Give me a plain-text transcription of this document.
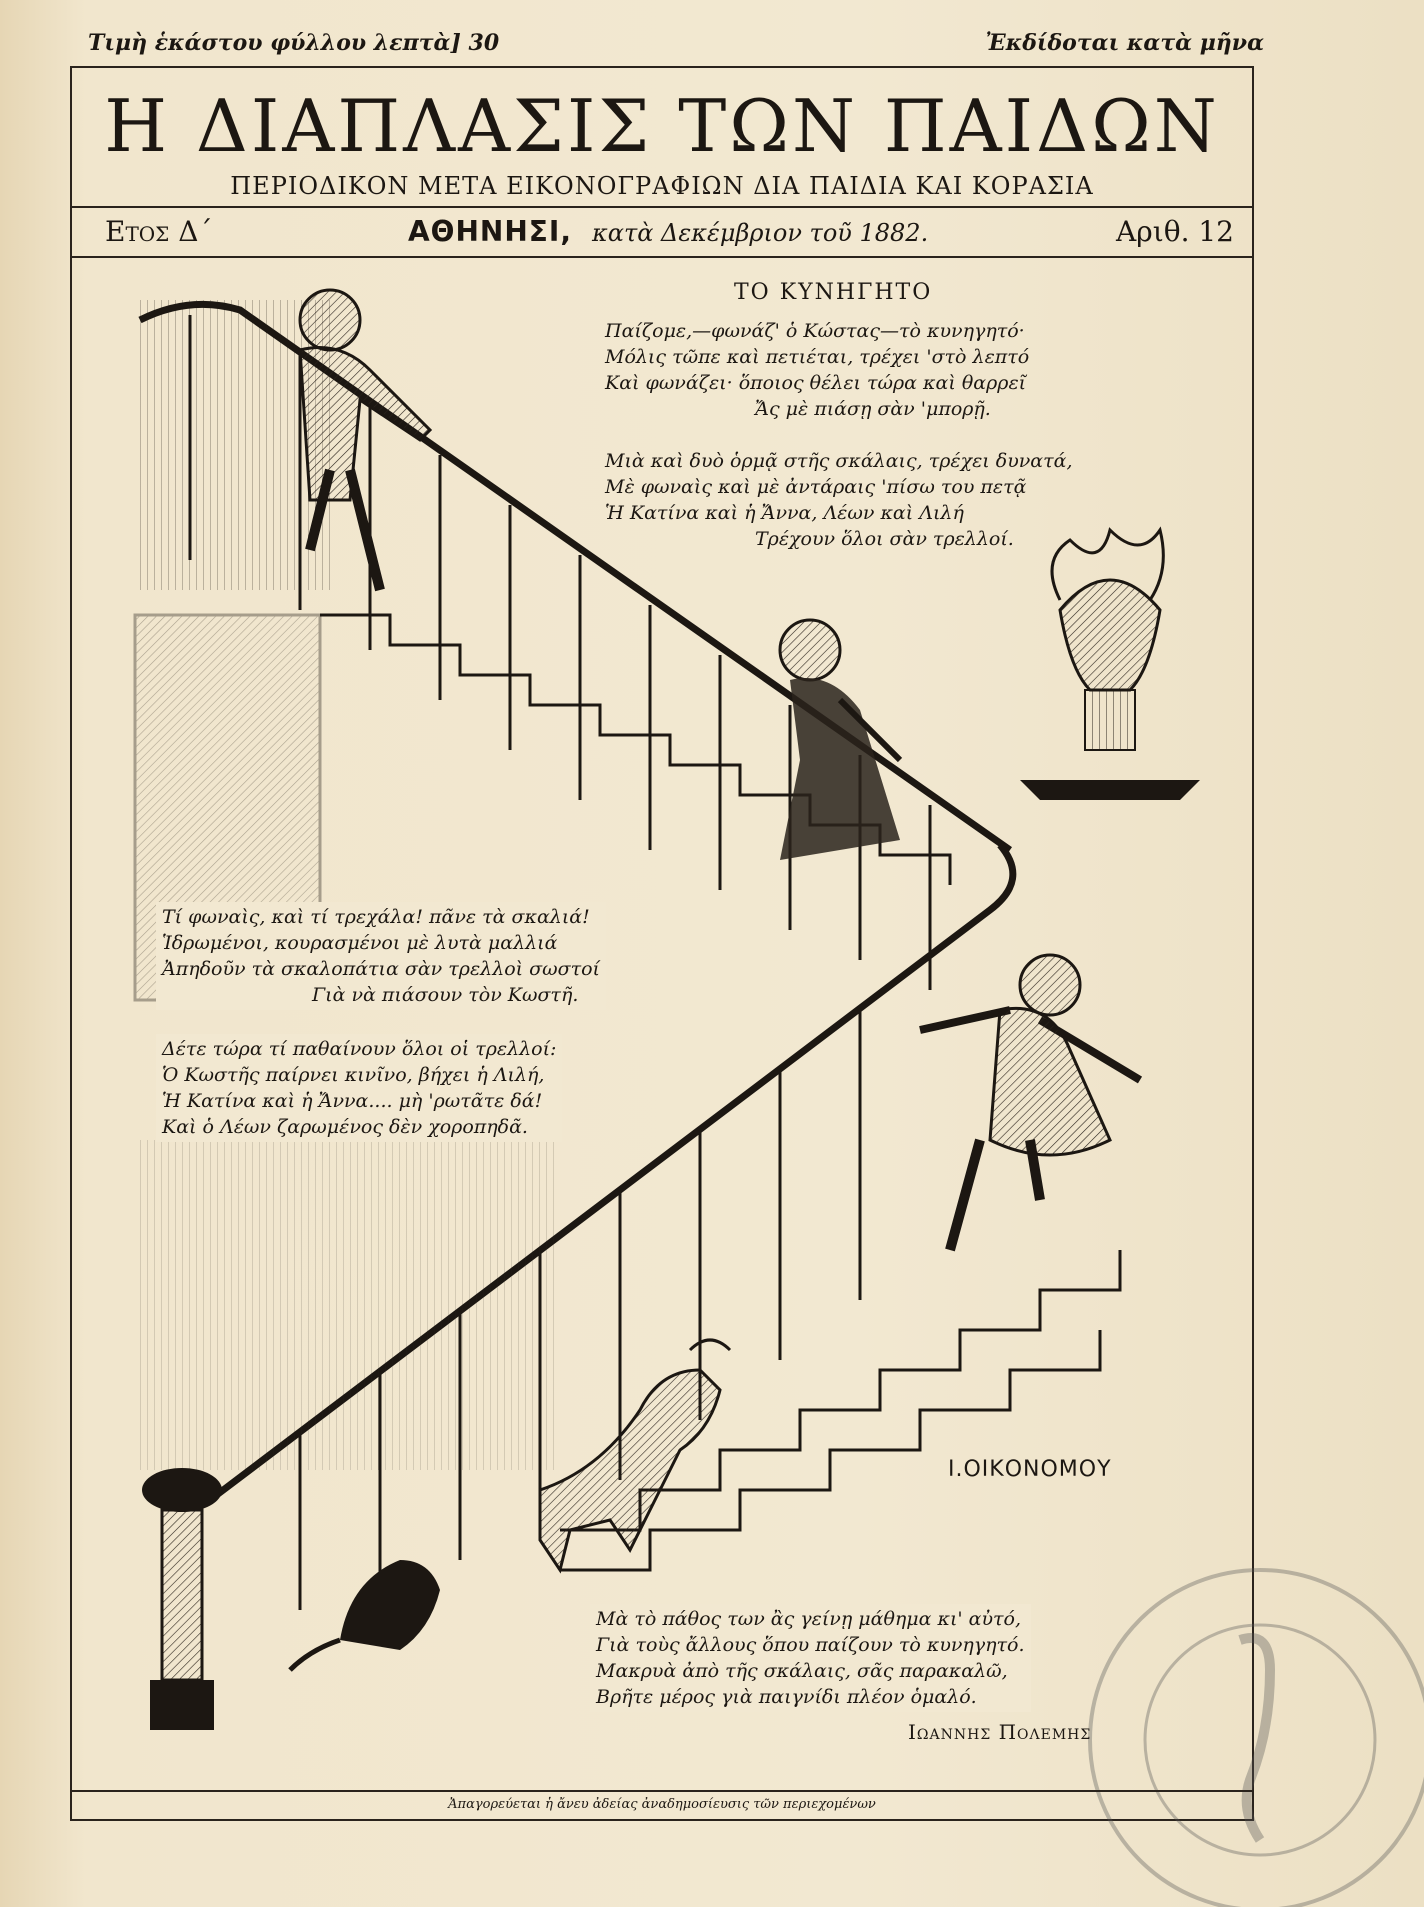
Τιμὴ ἑκάστου φύλλου λεπτὰ] 30	Ἐκδίδοται κατὰ μῆνα
Η ΔΙΑΠΛΑΣΙΣ ΤΩΝ ΠΑΙΔΩΝ
ΠΕΡΙΟΔΙΚΟΝ ΜΕΤΑ ΕΙΚΟΝΟΓΡΑΦΙΩΝ ΔΙΑ ΠΑΙΔΙΑ ΚΑΙ ΚΟΡΑΣΙΑ
Ετος Δ΄	ΑΘΗΝΗΣΙ, κατὰ Δεκέμβριον τοῦ 1882.	Αριθ. 12
ΤΟ ΚΥΝΗΓΗΤΟ
Παίζομε,—φωνάζ' ὁ Κώστας—τὸ κυνηγητό·
Μόλις τῶπε καὶ πετιέται, τρέχει 'στὸ λεπτό
Καὶ φωνάζει· ὅποιος θέλει τώρα καὶ θαρρεῖ
Ἄς μὲ πιάσῃ σὰν 'μπορῇ.
Μιὰ καὶ δυὸ ὁρμᾷ στῆς σκάλαις, τρέχει δυνατά,
Μὲ φωναὶς καὶ μὲ ἀντάραις 'πίσω του πετᾷ
Ἡ Κατίνα καὶ ἡ Ἄννα, Λέων καὶ Λιλή
Τρέχουν ὅλοι σὰν τρελλοί.
Τί φωναὶς, καὶ τί τρεχάλα! πᾶνε τὰ σκαλιά!
Ἱδρωμένοι, κουρασμένοι μὲ λυτὰ μαλλιά
Ἀπηδοῦν τὰ σκαλοπάτια σὰν τρελλοὶ σωστοί
Γιὰ νὰ πιάσουν τὸν Κωστῆ.
Δέτε τώρα τί παθαίνουν ὅλοι οἱ τρελλοί:
Ὁ Κωστῆς παίρνει κινῖνο, βήχει ἡ Λιλή,
Ἡ Κατίνα καὶ ἡ Ἄννα.... μὴ 'ρωτᾶτε δά!
Καὶ ὁ Λέων ζαρωμένος δὲν χοροπηδᾶ.
Μὰ τὸ πάθος των ἂς γείνῃ μάθημα κι' αὐτό,
Γιὰ τοὺς ἄλλους ὅπου παίζουν τὸ κυνηγητό.
Μακρυὰ ἀπὸ τῆς σκάλαις, σᾶς παρακαλῶ,
Βρῆτε μέρος γιὰ παιγνίδι πλέον ὁμαλό.
Ι.ΟΙΚΟΝΟΜΟΥ
Ιωαννης Πολεμης
Ἀπαγορεύεται ἡ ἄνευ ἀδείας ἀναδημοσίευσις τῶν περιεχομένων
